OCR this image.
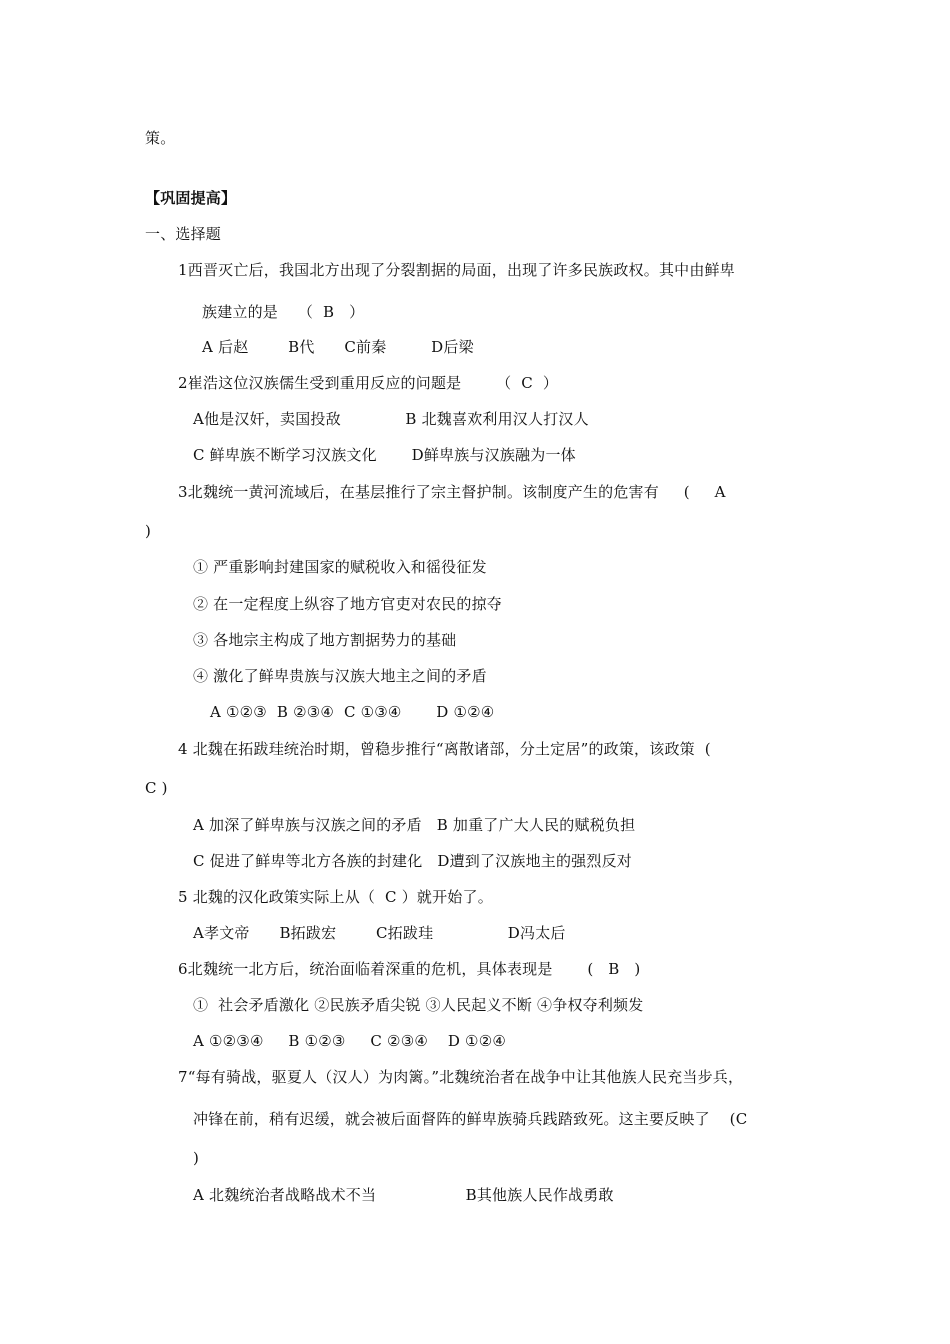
策。
【巩固提高】
一、选择题
1西晋灭亡后，我国北方出现了分裂割据的局面，出现了许多民族政权。其中由鲜卑
族建立的是    （  B   ）
A 后赵        B代      C前秦         D后梁
2崔浩这位汉族儒生受到重用反应的问题是       （  C  ）
A他是汉奸，卖国投敌             B 北魏喜欢利用汉人打汉人
C 鲜卑族不断学习汉族文化       D鲜卑族与汉族融为一体
3北魏统一黄河流域后，在基层推行了宗主督护制。该制度产生的危害有     (     A
)
① 严重影响封建国家的赋税收入和徭役征发
② 在一定程度上纵容了地方官吏对农民的掠夺
③ 各地宗主构成了地方割据势力的基础
④ 激化了鲜卑贵族与汉族大地主之间的矛盾
A ①②③  B ②③④  C ①③④       D ①②④
4 北魏在拓跋珪统治时期，曾稳步推行“离散诸部，分土定居”的政策，该政策  (
C )
A 加深了鲜卑族与汉族之间的矛盾   B 加重了广大人民的赋税负担
C 促进了鲜卑等北方各族的封建化   D遭到了汉族地主的强烈反对
5 北魏的汉化政策实际上从（  C ）就开始了。
A孝文帝      B拓跋宏        C拓跋珪               D冯太后
6北魏统一北方后，统治面临着深重的危机，具体表现是       (   B   )
①  社会矛盾激化 ②民族矛盾尖锐 ③人民起义不断 ④争权夺利频发
A ①②③④     B ①②③     C ②③④    D ①②④
7“每有骑战，驱夏人（汉人）为肉篱。”北魏统治者在战争中让其他族人民充当步兵，
冲锋在前，稍有迟缓，就会被后面督阵的鲜卑族骑兵践踏致死。这主要反映了    (C
)
A 北魏统治者战略战术不当                  B其他族人民作战勇敢
